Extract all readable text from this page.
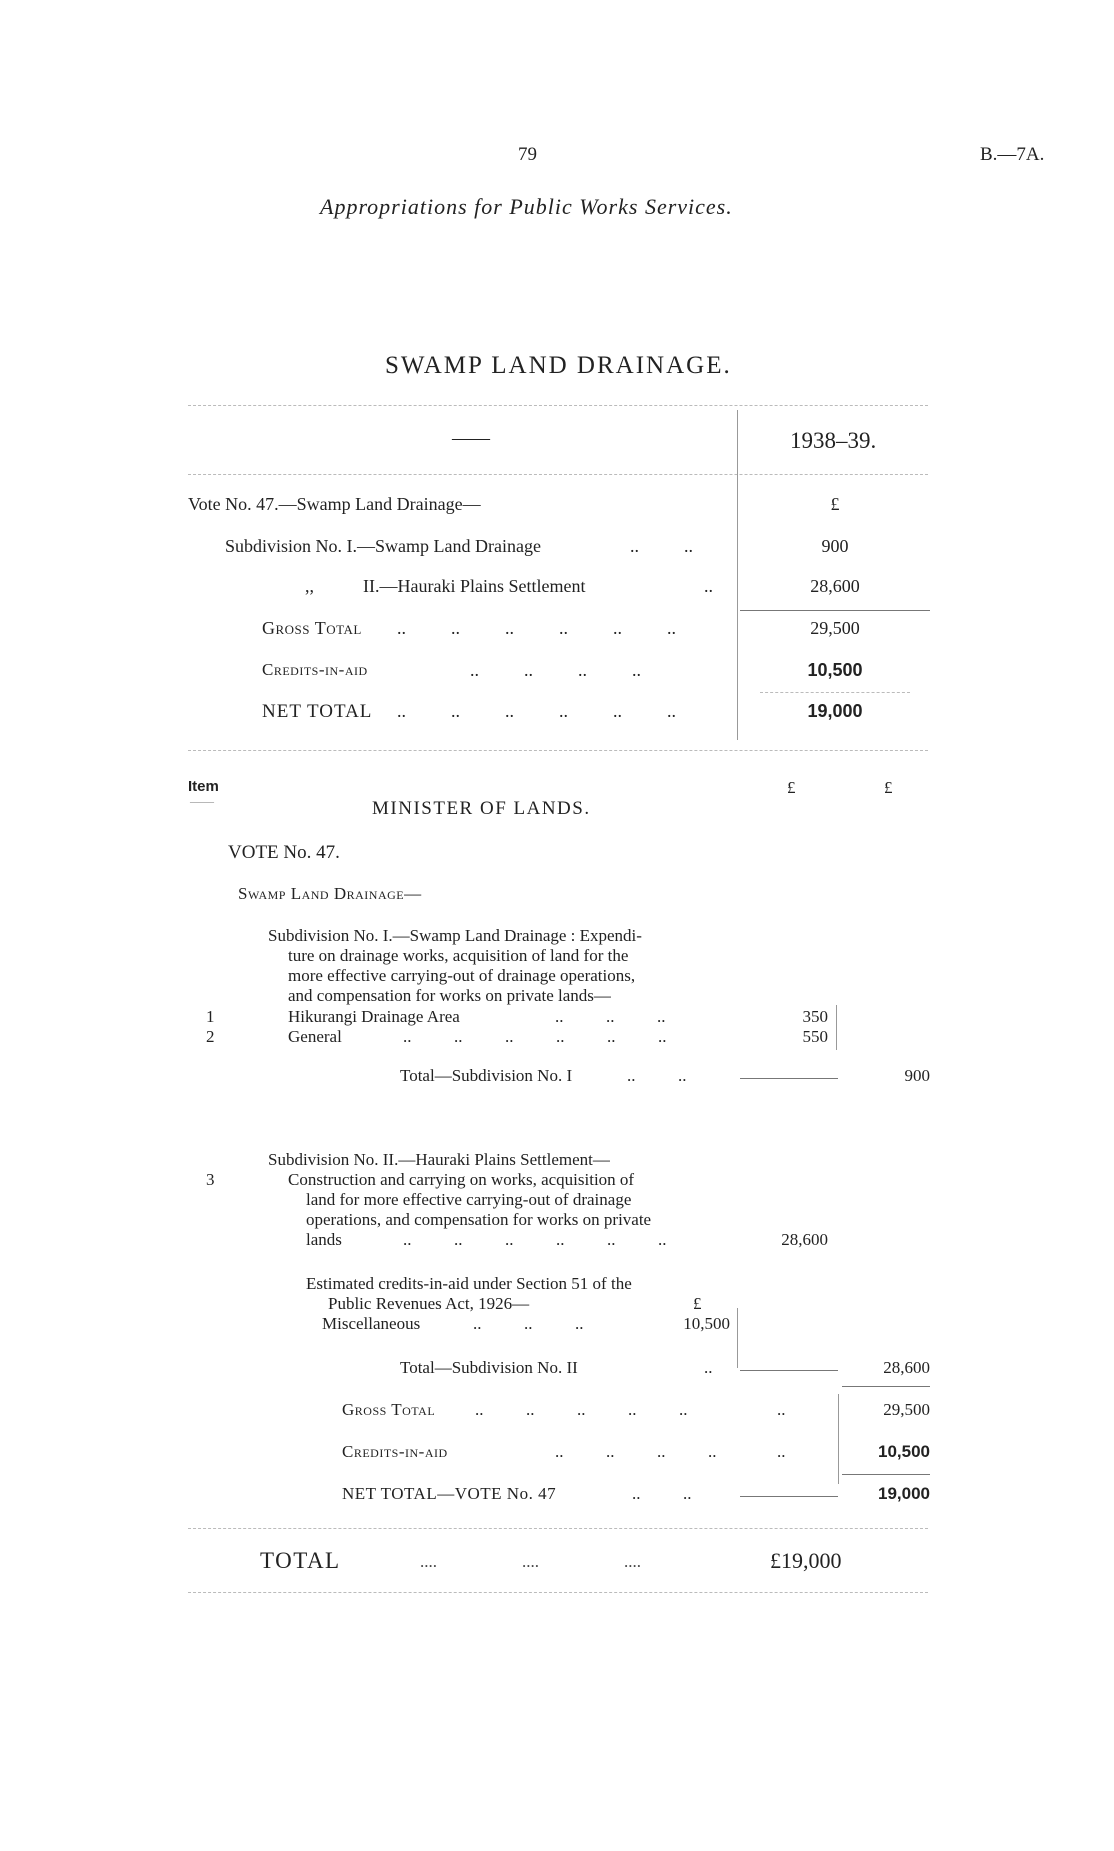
79	B.—7A.
Appropriations for Public Works Services.
SWAMP LAND DRAINAGE.
——	1938–39.
Vote No. 47.—Swamp Land Drainage—	£
Subdivision No. I.—Swamp Land Drainage	..          ..	900
,,	II.—Hauraki Plains Settlement	..	28,600
Gross Total ..          ..          ..          ..          ..          ..	29,500
Credits-in-aid	..          ..          ..          ..	10,500
NET TOTAL ..          ..          ..          ..          ..          ..	19,000
Item
——
£	£
MINISTER OF LANDS.
VOTE No. 47.
Swamp Land Drainage—
Subdivision No. I.—Swamp Land Drainage : Expendi-
ture on drainage works, acquisition of land for the
more effective carrying-out of drainage operations,
and compensation for works on private lands—
1	Hikurangi Drainage Area	..          ..          ..	350
2	General	..          ..          ..          ..          ..          ..	550
Total—Subdivision No. I	..          ..	900
Subdivision No. II.—Hauraki Plains Settlement—
3	Construction and carrying on works, acquisition of
land for more effective carrying-out of drainage
operations, and compensation for works on private
lands	..          ..          ..          ..          ..          ..	28,600
Estimated credits-in-aid under Section 51 of the
Public Revenues Act, 1926—	£
Miscellaneous	..          ..          ..	10,500
Total—Subdivision No. II	..	28,600
Gross Total ..          ..          ..          ..          ..	..	29,500
Credits-in-aid	..          ..          ..          ..	..	10,500
NET TOTAL—VOTE No. 47	..          ..	19,000
TOTAL	....                    ....                    ....	£19,000
